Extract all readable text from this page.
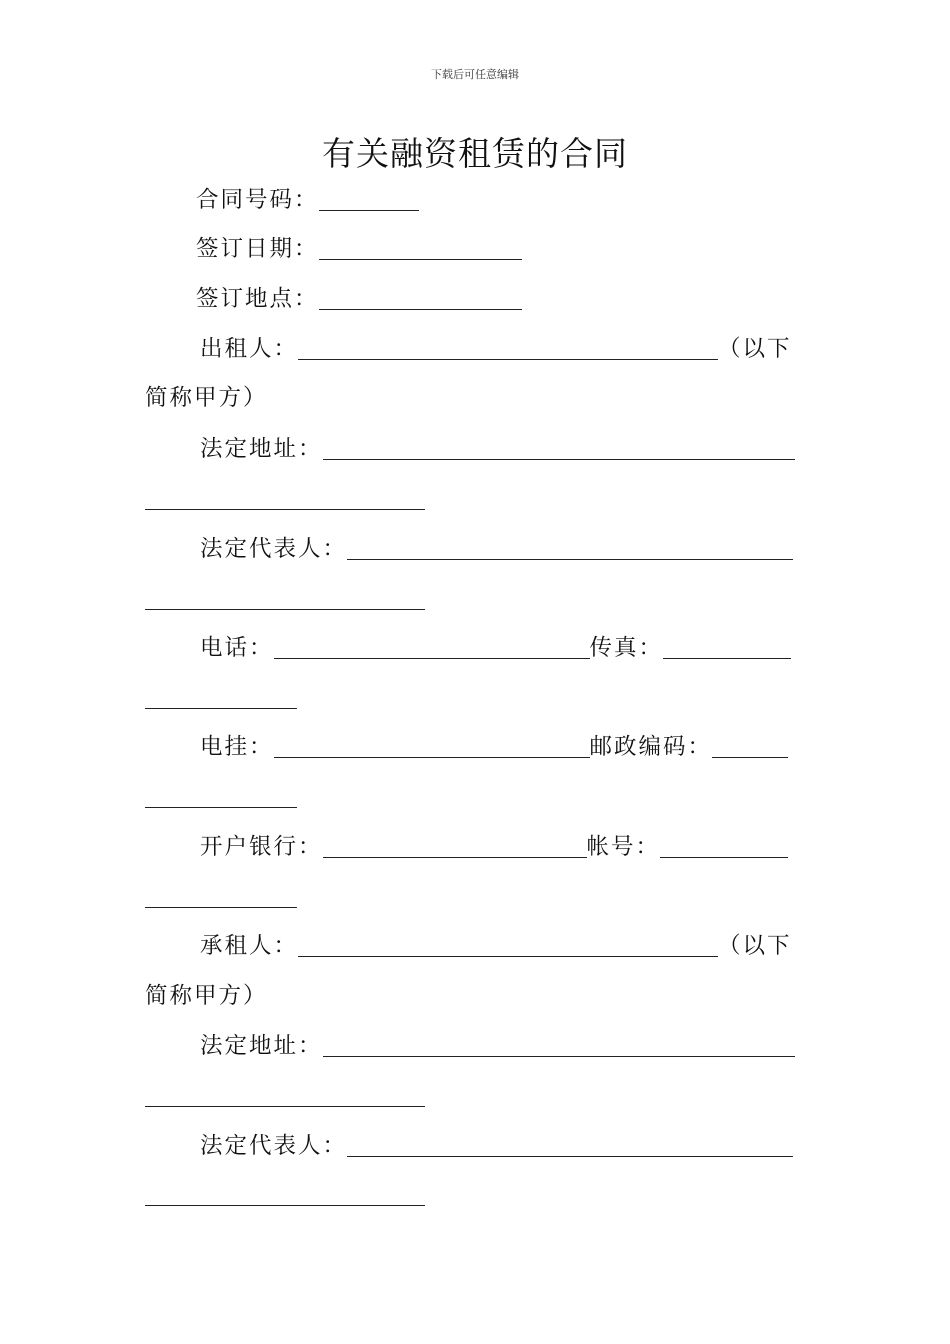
下载后可任意编辑
有关融资租赁的合同
合同号码：
签订日期：
签订地点：
出租人：	（以下
简称甲方）
法定地址：
法定代表人：
电话：	传真：
电挂：	邮政编码：
开户银行：	帐号：
承租人：	（以下
简称甲方）
法定地址：
法定代表人：
